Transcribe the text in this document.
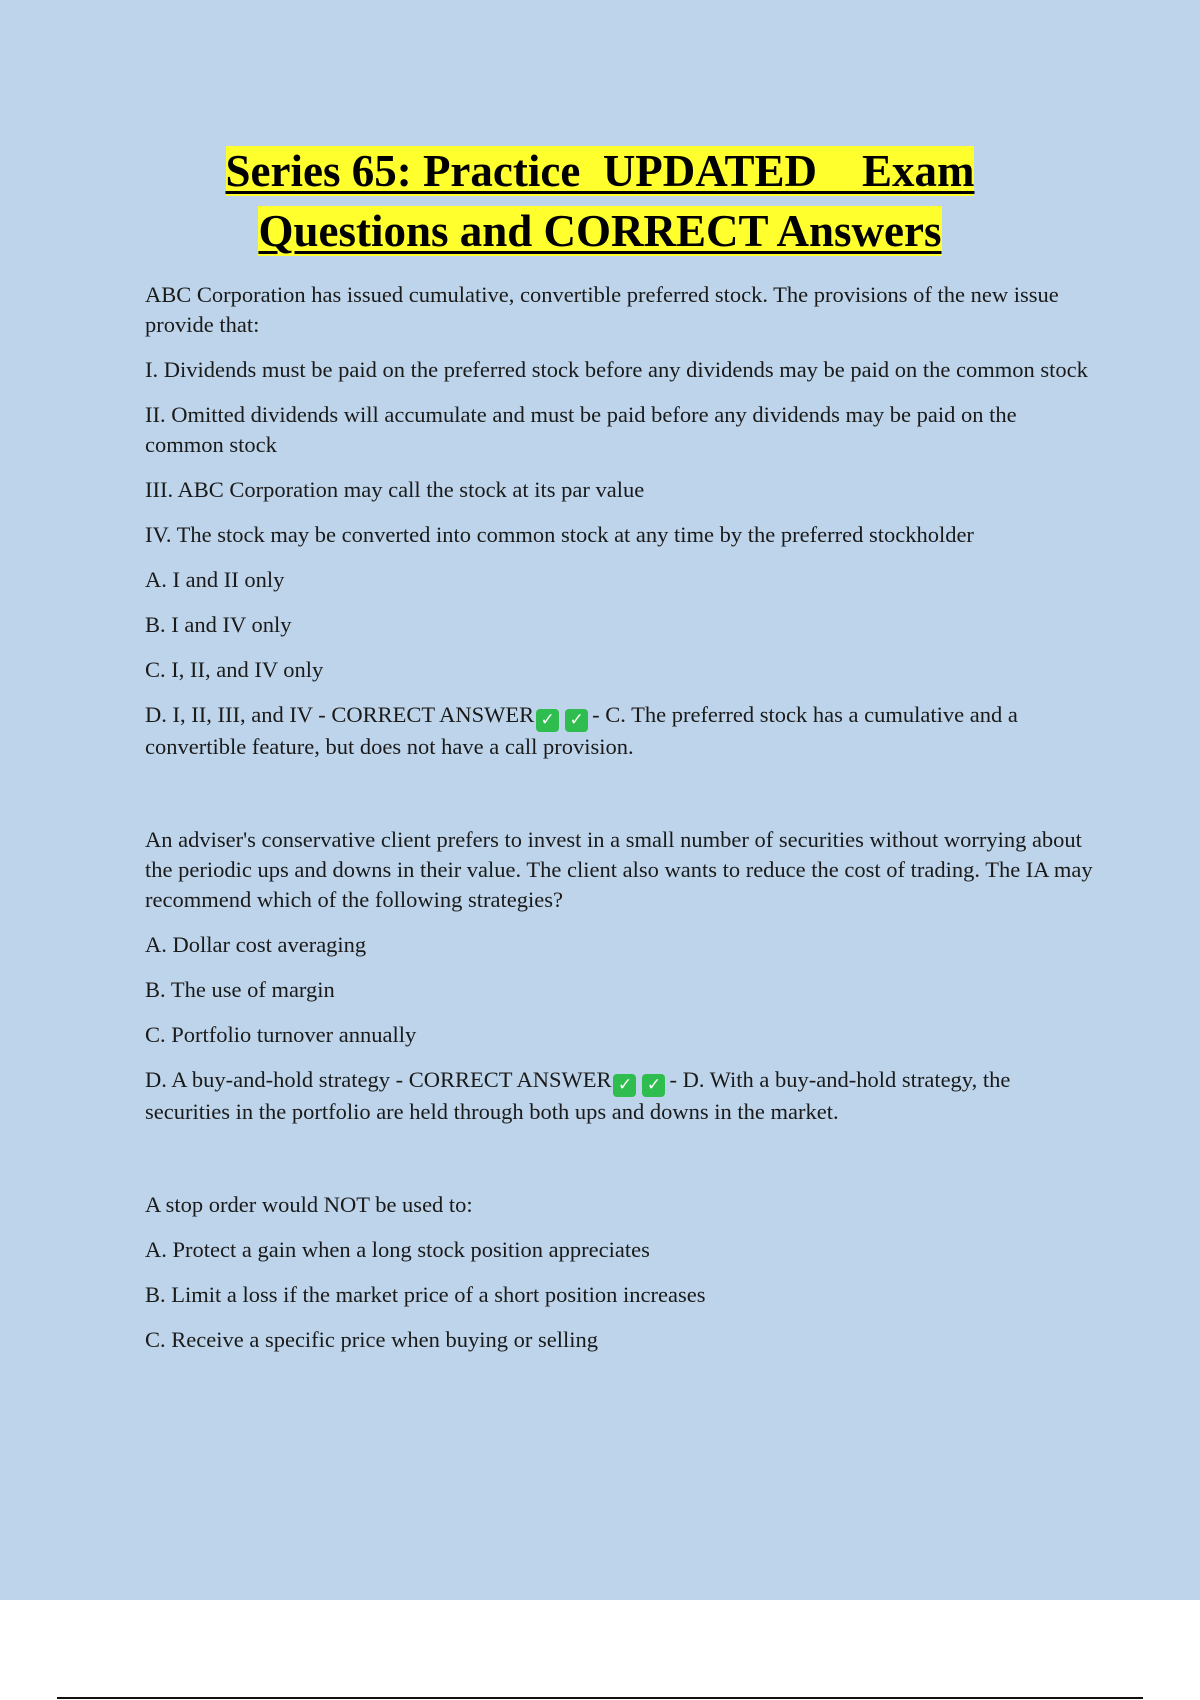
Series 65: Practice  UPDATED    Exam
Questions and CORRECT Answers

ABC Corporation has issued cumulative, convertible preferred stock. The provisions of the new issue provide that:

I. Dividends must be paid on the preferred stock before any dividends may be paid on the common stock

II. Omitted dividends will accumulate and must be paid before any dividends may be paid on the common stock

III. ABC Corporation may call the stock at its par value

IV. The stock may be converted into common stock at any time by the preferred stockholder

A. I and II only

B. I and IV only

C. I, II, and IV only

D. I, II, III, and IV - CORRECT ANSWER ✓ ✓ - C. The preferred stock has a cumulative and a convertible feature, but does not have a call provision.

An adviser's conservative client prefers to invest in a small number of securities without worrying about the periodic ups and downs in their value. The client also wants to reduce the cost of trading. The IA may recommend which of the following strategies?

A. Dollar cost averaging

B. The use of margin

C. Portfolio turnover annually

D. A buy-and-hold strategy - CORRECT ANSWER ✓ ✓ - D. With a buy-and-hold strategy, the securities in the portfolio are held through both ups and downs in the market.

A stop order would NOT be used to:

A. Protect a gain when a long stock position appreciates

B. Limit a loss if the market price of a short position increases

C. Receive a specific price when buying or selling
